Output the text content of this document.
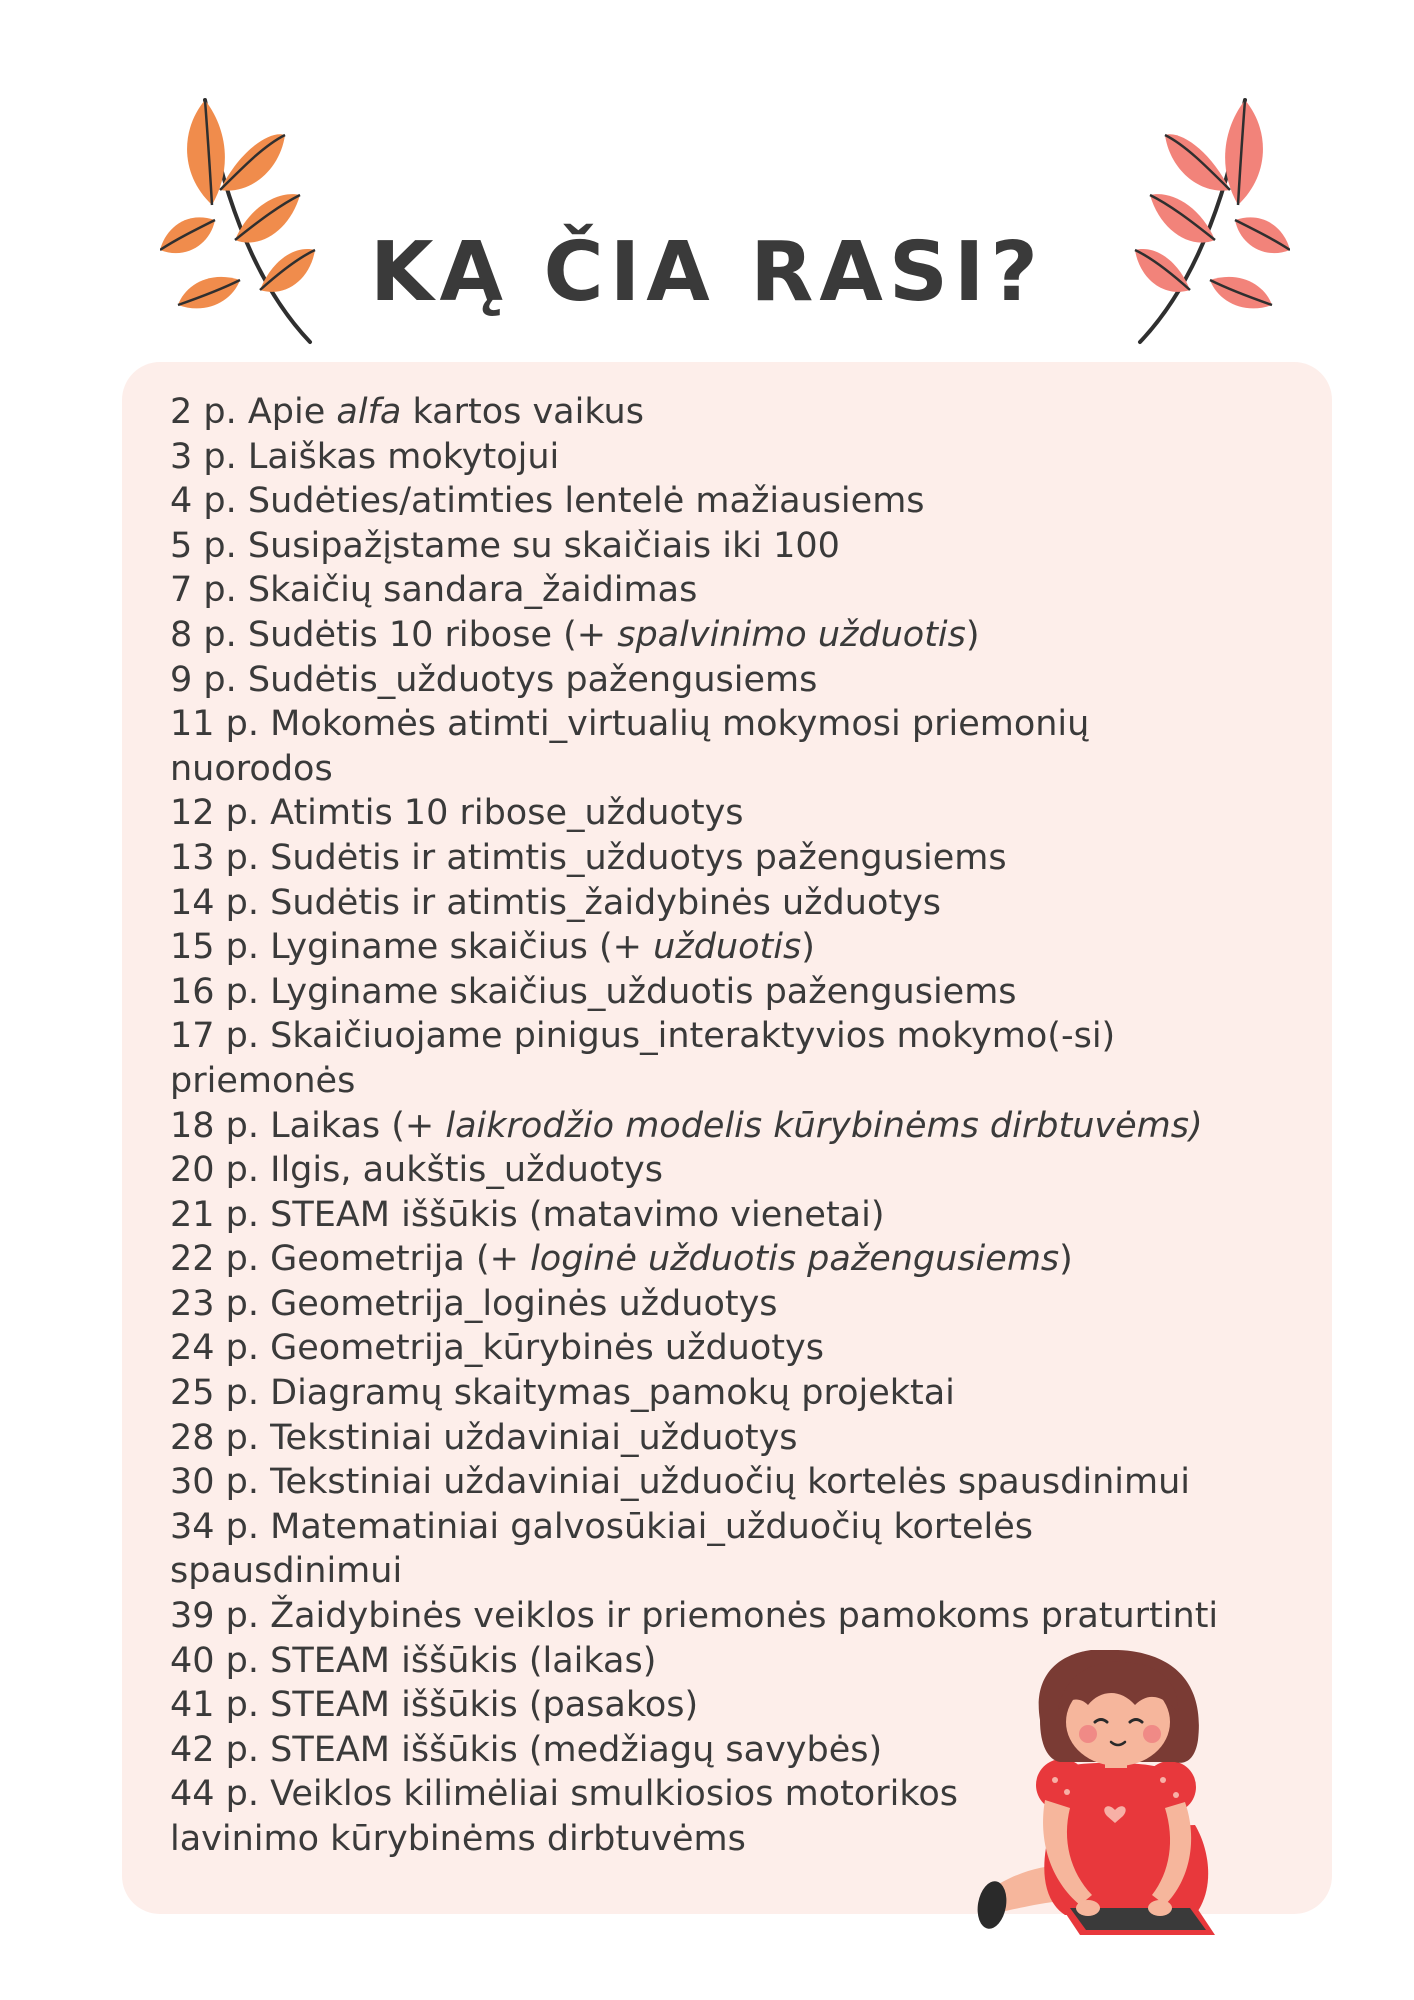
KĄ ČIA RASI?
2 p. Apie alfa kartos vaikus
3 p. Laiškas mokytojui
4 p. Sudėties/atimties lentelė mažiausiems
5 p. Susipažįstame su skaičiais iki 100
7 p. Skaičių sandara_žaidimas
8 p. Sudėtis 10 ribose (+ spalvinimo užduotis)
9 p. Sudėtis_užduotys pažengusiems
11 p. Mokomės atimti_virtualių mokymosi priemonių
nuorodos
12 p. Atimtis 10 ribose_užduotys
13 p. Sudėtis ir atimtis_užduotys pažengusiems
14 p. Sudėtis ir atimtis_žaidybinės užduotys
15 p. Lyginame skaičius (+ užduotis)
16 p. Lyginame skaičius_užduotis pažengusiems
17 p. Skaičiuojame pinigus_interaktyvios mokymo(-si)
priemonės
18 p. Laikas (+ laikrodžio modelis kūrybinėms dirbtuvėms)
20 p. Ilgis, aukštis_užduotys
21 p. STEAM iššūkis (matavimo vienetai)
22 p. Geometrija (+ loginė užduotis pažengusiems)
23 p. Geometrija_loginės užduotys
24 p. Geometrija_kūrybinės užduotys
25 p. Diagramų skaitymas_pamokų projektai
28 p. Tekstiniai uždaviniai_užduotys
30 p. Tekstiniai uždaviniai_užduočių kortelės spausdinimui
34 p. Matematiniai galvosūkiai_užduočių kortelės
spausdinimui
39 p. Žaidybinės veiklos ir priemonės pamokoms praturtinti
40 p. STEAM iššūkis (laikas)
41 p. STEAM iššūkis (pasakos)
42 p. STEAM iššūkis (medžiagų savybės)
44 p. Veiklos kilimėliai smulkiosios motorikos
lavinimo kūrybinėms dirbtuvėms
